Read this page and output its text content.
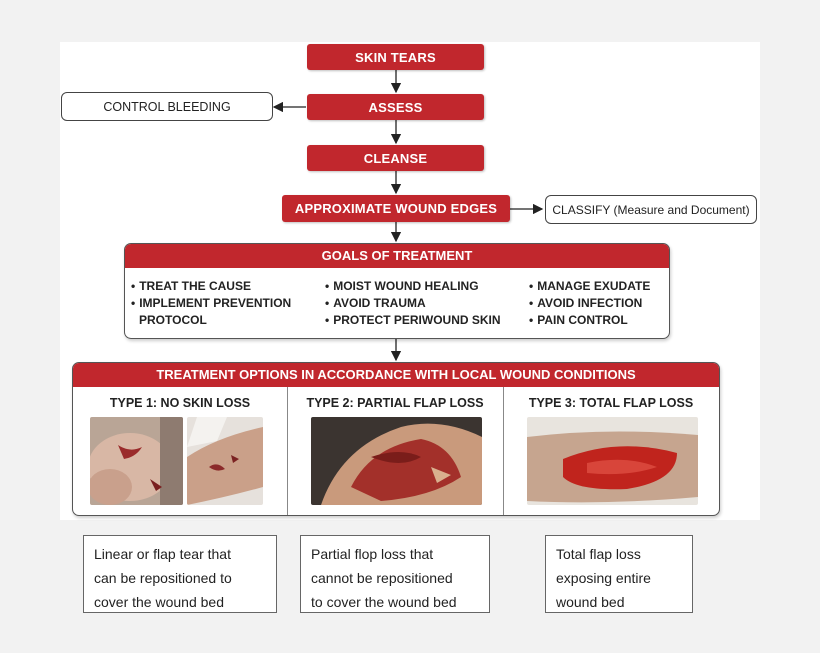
SKIN TEARS
CONTROL BLEEDING	ASSESS
CLEANSE
APPROXIMATE WOUND EDGES	CLASSIFY (Measure and Document)
GOALS OF TREATMENT
• TREAT THE CAUSE
• IMPLEMENT PREVENTION
PROTOCOL
• MOIST WOUND HEALING
• AVOID TRAUMA
• PROTECT PERIWOUND SKIN
• MANAGE EXUDATE
• AVOID INFECTION
• PAIN CONTROL
TREATMENT OPTIONS IN ACCORDANCE WITH LOCAL WOUND CONDITIONS
TYPE 1: NO SKIN LOSS	TYPE 2: PARTIAL FLAP LOSS	TYPE 3: TOTAL FLAP LOSS
Linear or flap tear that
can be repositioned to
cover the wound bed
Partial flop loss that
cannot be repositioned
to cover the wound bed
Total flap loss
exposing entire
wound bed
